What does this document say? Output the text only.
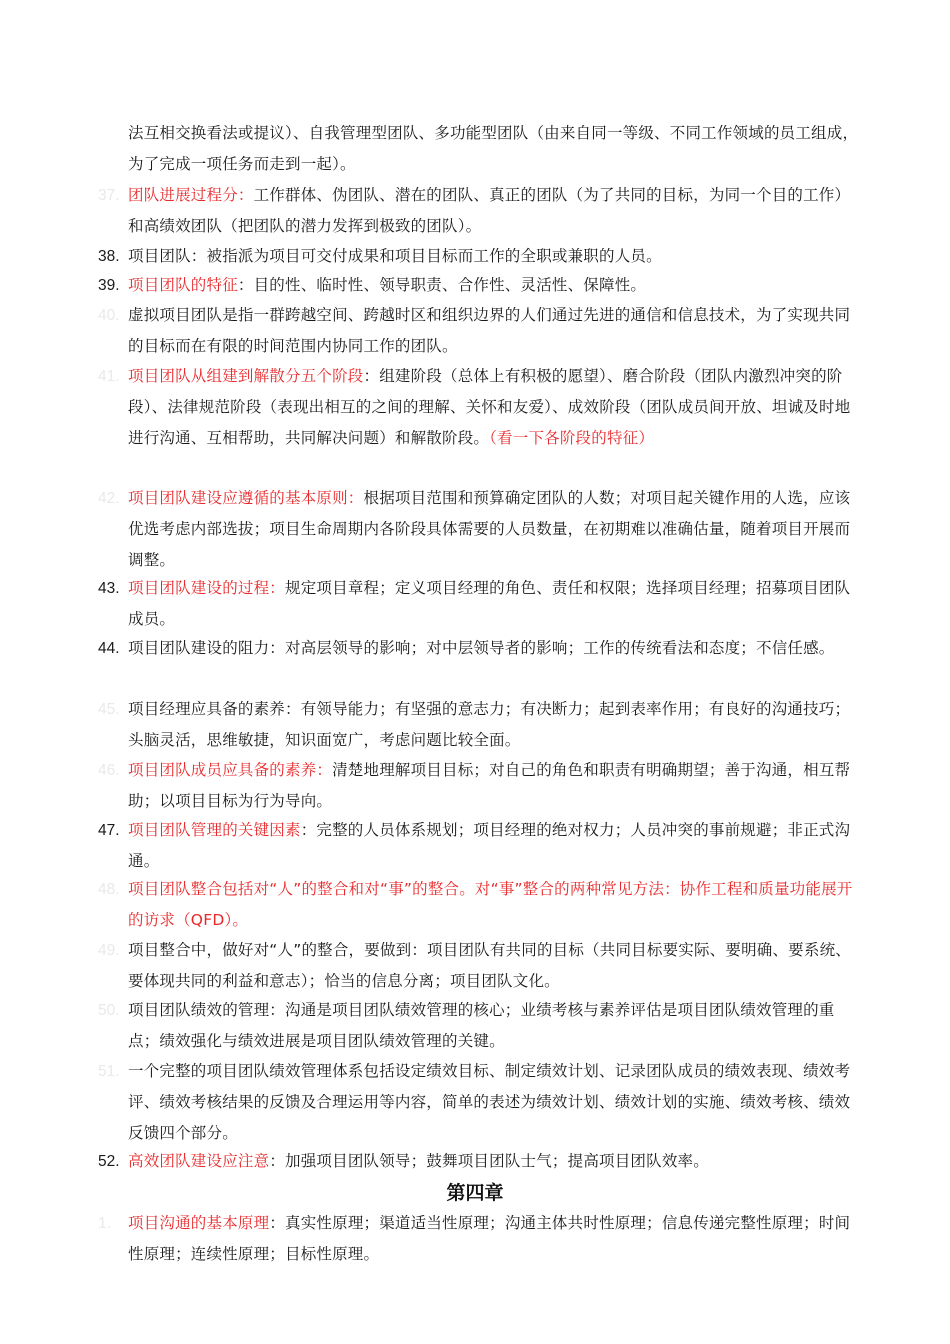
法互相交换看法或提议）、自我管理型团队、多功能型团队（由来自同一等级、不同工作领域的员工组成，为了完成一项任务而走到一起）。
37. 团队进展过程分：工作群体、伪团队、潜在的团队、真正的团队（为了共同的目标，为同一个目的工作）和高绩效团队（把团队的潜力发挥到极致的团队）。
38. 项目团队：被指派为项目可交付成果和项目目标而工作的全职或兼职的人员。
39. 项目团队的特征：目的性、临时性、领导职责、合作性、灵活性、保障性。
40. 虚拟项目团队是指一群跨越空间、跨越时区和组织边界的人们通过先进的通信和信息技术，为了实现共同的目标而在有限的时间范围内协同工作的团队。
41. 项目团队从组建到解散分五个阶段：组建阶段（总体上有积极的愿望）、磨合阶段（团队内激烈冲突的阶段）、法律规范阶段（表现出相互的之间的理解、关怀和友爱）、成效阶段（团队成员间开放、坦诚及时地进行沟通、互相帮助，共同解决问题）和解散阶段。（看一下各阶段的特征）
42. 项目团队建设应遵循的基本原则：根据项目范围和预算确定团队的人数；对项目起关键作用的人选，应该优选考虑内部选拔；项目生命周期内各阶段具体需要的人员数量，在初期难以准确估量，随着项目开展而调整。
43. 项目团队建设的过程：规定项目章程；定义项目经理的角色、责任和权限；选择项目经理；招募项目团队成员。
44. 项目团队建设的阻力：对高层领导的影响；对中层领导者的影响；工作的传统看法和态度；不信任感。
45. 项目经理应具备的素养：有领导能力；有坚强的意志力；有决断力；起到表率作用；有良好的沟通技巧；头脑灵活，思维敏捷，知识面宽广，考虑问题比较全面。
46. 项目团队成员应具备的素养：清楚地理解项目目标；对自己的角色和职责有明确期望；善于沟通，相互帮助；以项目目标为行为导向。
47. 项目团队管理的关键因素：完整的人员体系规划；项目经理的绝对权力；人员冲突的事前规避；非正式沟通。
48. 项目团队整合包括对“人”的整合和对“事”的整合。对“事”整合的两种常见方法：协作工程和质量功能展开的访求（QFD）。
49. 项目整合中，做好对“人”的整合，要做到：项目团队有共同的目标（共同目标要实际、要明确、要系统、要体现共同的利益和意志）；恰当的信息分离；项目团队文化。
50. 项目团队绩效的管理：沟通是项目团队绩效管理的核心；业绩考核与素养评估是项目团队绩效管理的重点；绩效强化与绩效进展是项目团队绩效管理的关键。
51. 一个完整的项目团队绩效管理体系包括设定绩效目标、制定绩效计划、记录团队成员的绩效表现、绩效考评、绩效考核结果的反馈及合理运用等内容，简单的表述为绩效计划、绩效计划的实施、绩效考核、绩效反馈四个部分。
52. 高效团队建设应注意：加强项目团队领导；鼓舞项目团队士气；提高项目团队效率。
第四章
1. 项目沟通的基本原理：真实性原理；渠道适当性原理；沟通主体共时性原理；信息传递完整性原理；时间性原理；连续性原理；目标性原理。
